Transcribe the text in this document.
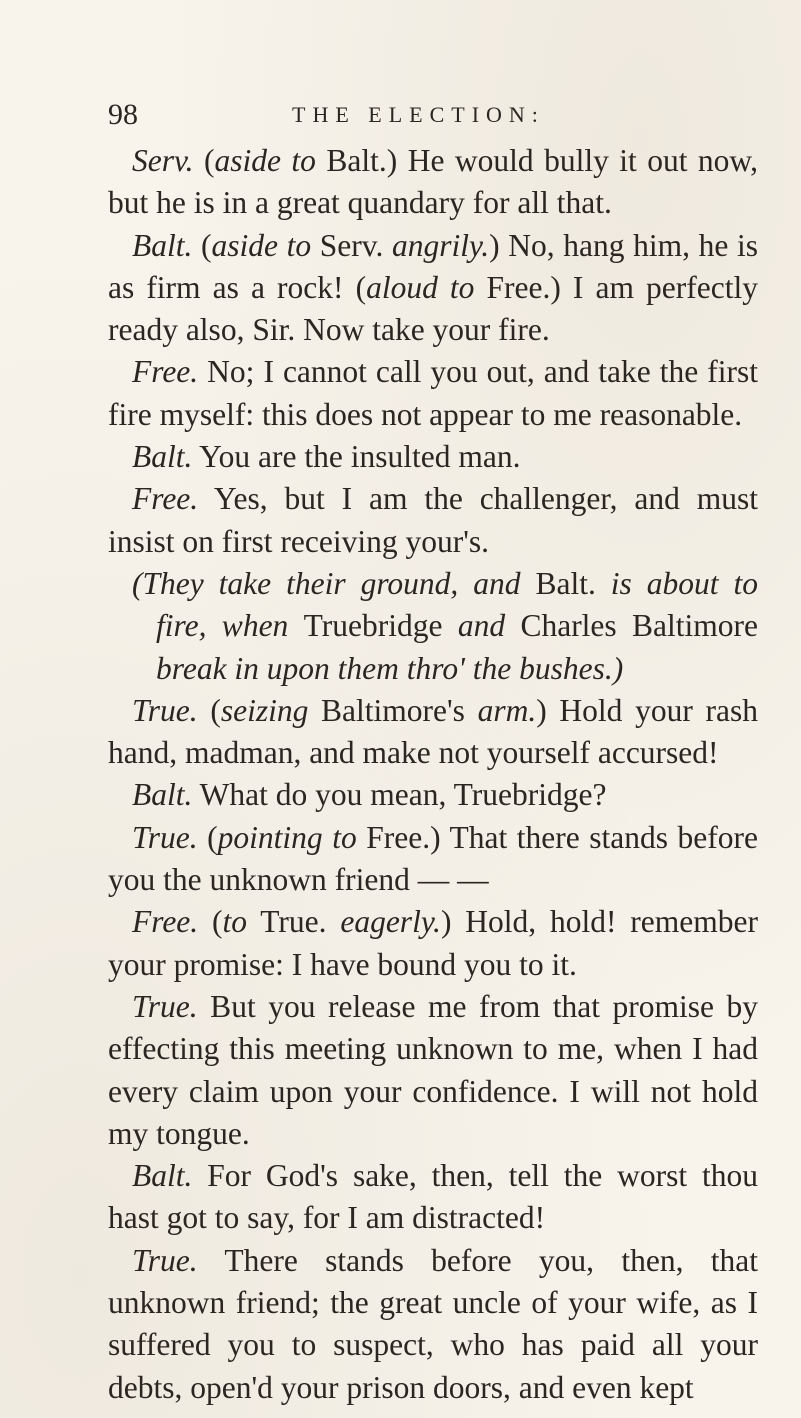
98	THE ELECTION:

Serv. (aside to Balt.) He would bully it out now, but he is in a great quandary for all that.

Balt. (aside to Serv. angrily.) No, hang him, he is as firm as a rock! (aloud to Free.) I am perfectly ready also, Sir. Now take your fire.

Free. No; I cannot call you out, and take the first fire myself: this does not appear to me reasonable.

Balt. You are the insulted man.

Free. Yes, but I am the challenger, and must insist on first receiving your's.

(They take their ground, and Balt. is about to fire, when Truebridge and Charles Baltimore break in upon them thro' the bushes.)

True. (seizing Baltimore's arm.) Hold your rash hand, madman, and make not yourself accursed!

Balt. What do you mean, Truebridge?

True. (pointing to Free.) That there stands before you the unknown friend — —

Free. (to True. eagerly.) Hold, hold! remember your promise: I have bound you to it.

True. But you release me from that promise by effecting this meeting unknown to me, when I had every claim upon your confidence. I will not hold my tongue.

Balt. For God's sake, then, tell the worst thou hast got to say, for I am distracted!

True. There stands before you, then, that unknown friend; the great uncle of your wife, as I suffered you to suspect, who has paid all your debts, open'd your prison doors, and even kept
